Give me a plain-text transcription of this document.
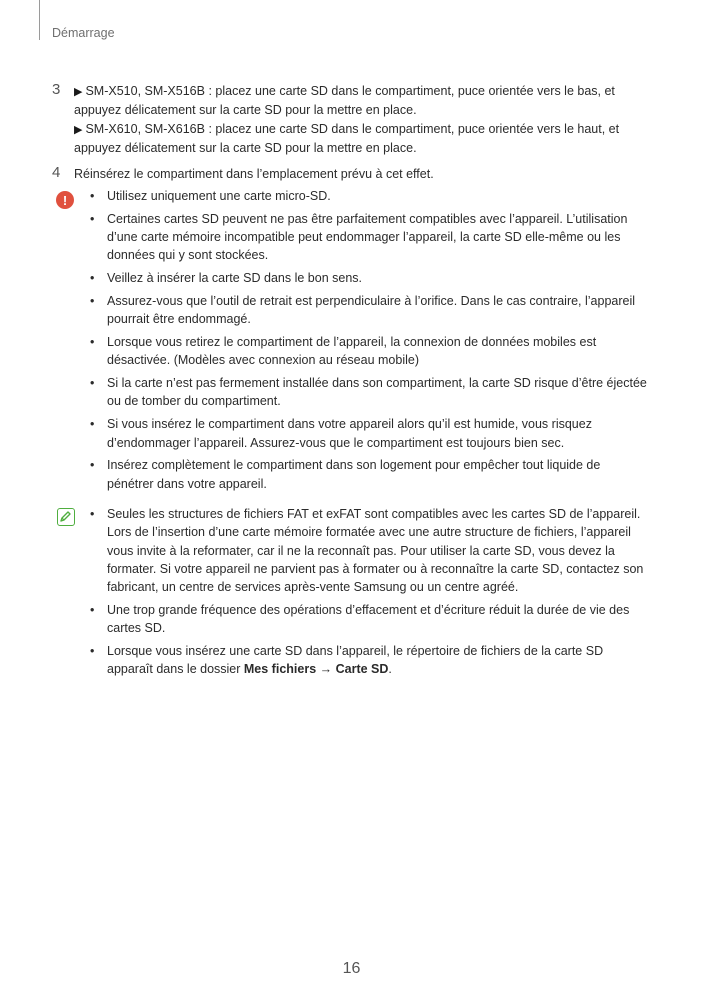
Démarrage
3 ▶ SM-X510, SM-X516B : placez une carte SD dans le compartiment, puce orientée vers le bas, et appuyez délicatement sur la carte SD pour la mettre en place.

▶ SM-X610, SM-X616B : placez une carte SD dans le compartiment, puce orientée vers le haut, et appuyez délicatement sur la carte SD pour la mettre en place.

4 Réinsérez le compartiment dans l’emplacement prévu à cet effet.

!
•	Utilisez uniquement une carte micro-SD.
• Certaines cartes SD peuvent ne pas être parfaitement compatibles avec l’appareil. L’utilisation d’une carte mémoire incompatible peut endommager l’appareil, la carte SD elle-même ou les données qui y sont stockées.
• Veillez à insérer la carte SD dans le bon sens.
• Assurez-vous que l’outil de retrait est perpendiculaire à l’orifice. Dans le cas contraire, l’appareil pourrait être endommagé.
• Lorsque vous retirez le compartiment de l’appareil, la connexion de données mobiles est désactivée. (Modèles avec connexion au réseau mobile)
• Si la carte n’est pas fermement installée dans son compartiment, la carte SD risque d’être éjectée ou de tomber du compartiment.
• Si vous insérez le compartiment dans votre appareil alors qu’il est humide, vous risquez d’endommager l’appareil. Assurez-vous que le compartiment est toujours bien sec.
• Insérez complètement le compartiment dans son logement pour empêcher tout liquide de pénétrer dans votre appareil.
• Seules les structures de fichiers FAT et exFAT sont compatibles avec les cartes SD de l’appareil. Lors de l’insertion d’une carte mémoire formatée avec une autre structure de fichiers, l’appareil vous invite à la reformater, car il ne la reconnaît pas. Pour utiliser la carte SD, vous devez la formater. Si votre appareil ne parvient pas à formater ou à reconnaître la carte SD, contactez son fabricant, un centre de services après-vente Samsung ou un centre agréé.
• Une trop grande fréquence des opérations d’effacement et d’écriture réduit la durée de vie des cartes SD.
• Lorsque vous insérez une carte SD dans l’appareil, le répertoire de fichiers de la carte SD apparaît dans le dossier Mes fichiers → Carte SD.
16
